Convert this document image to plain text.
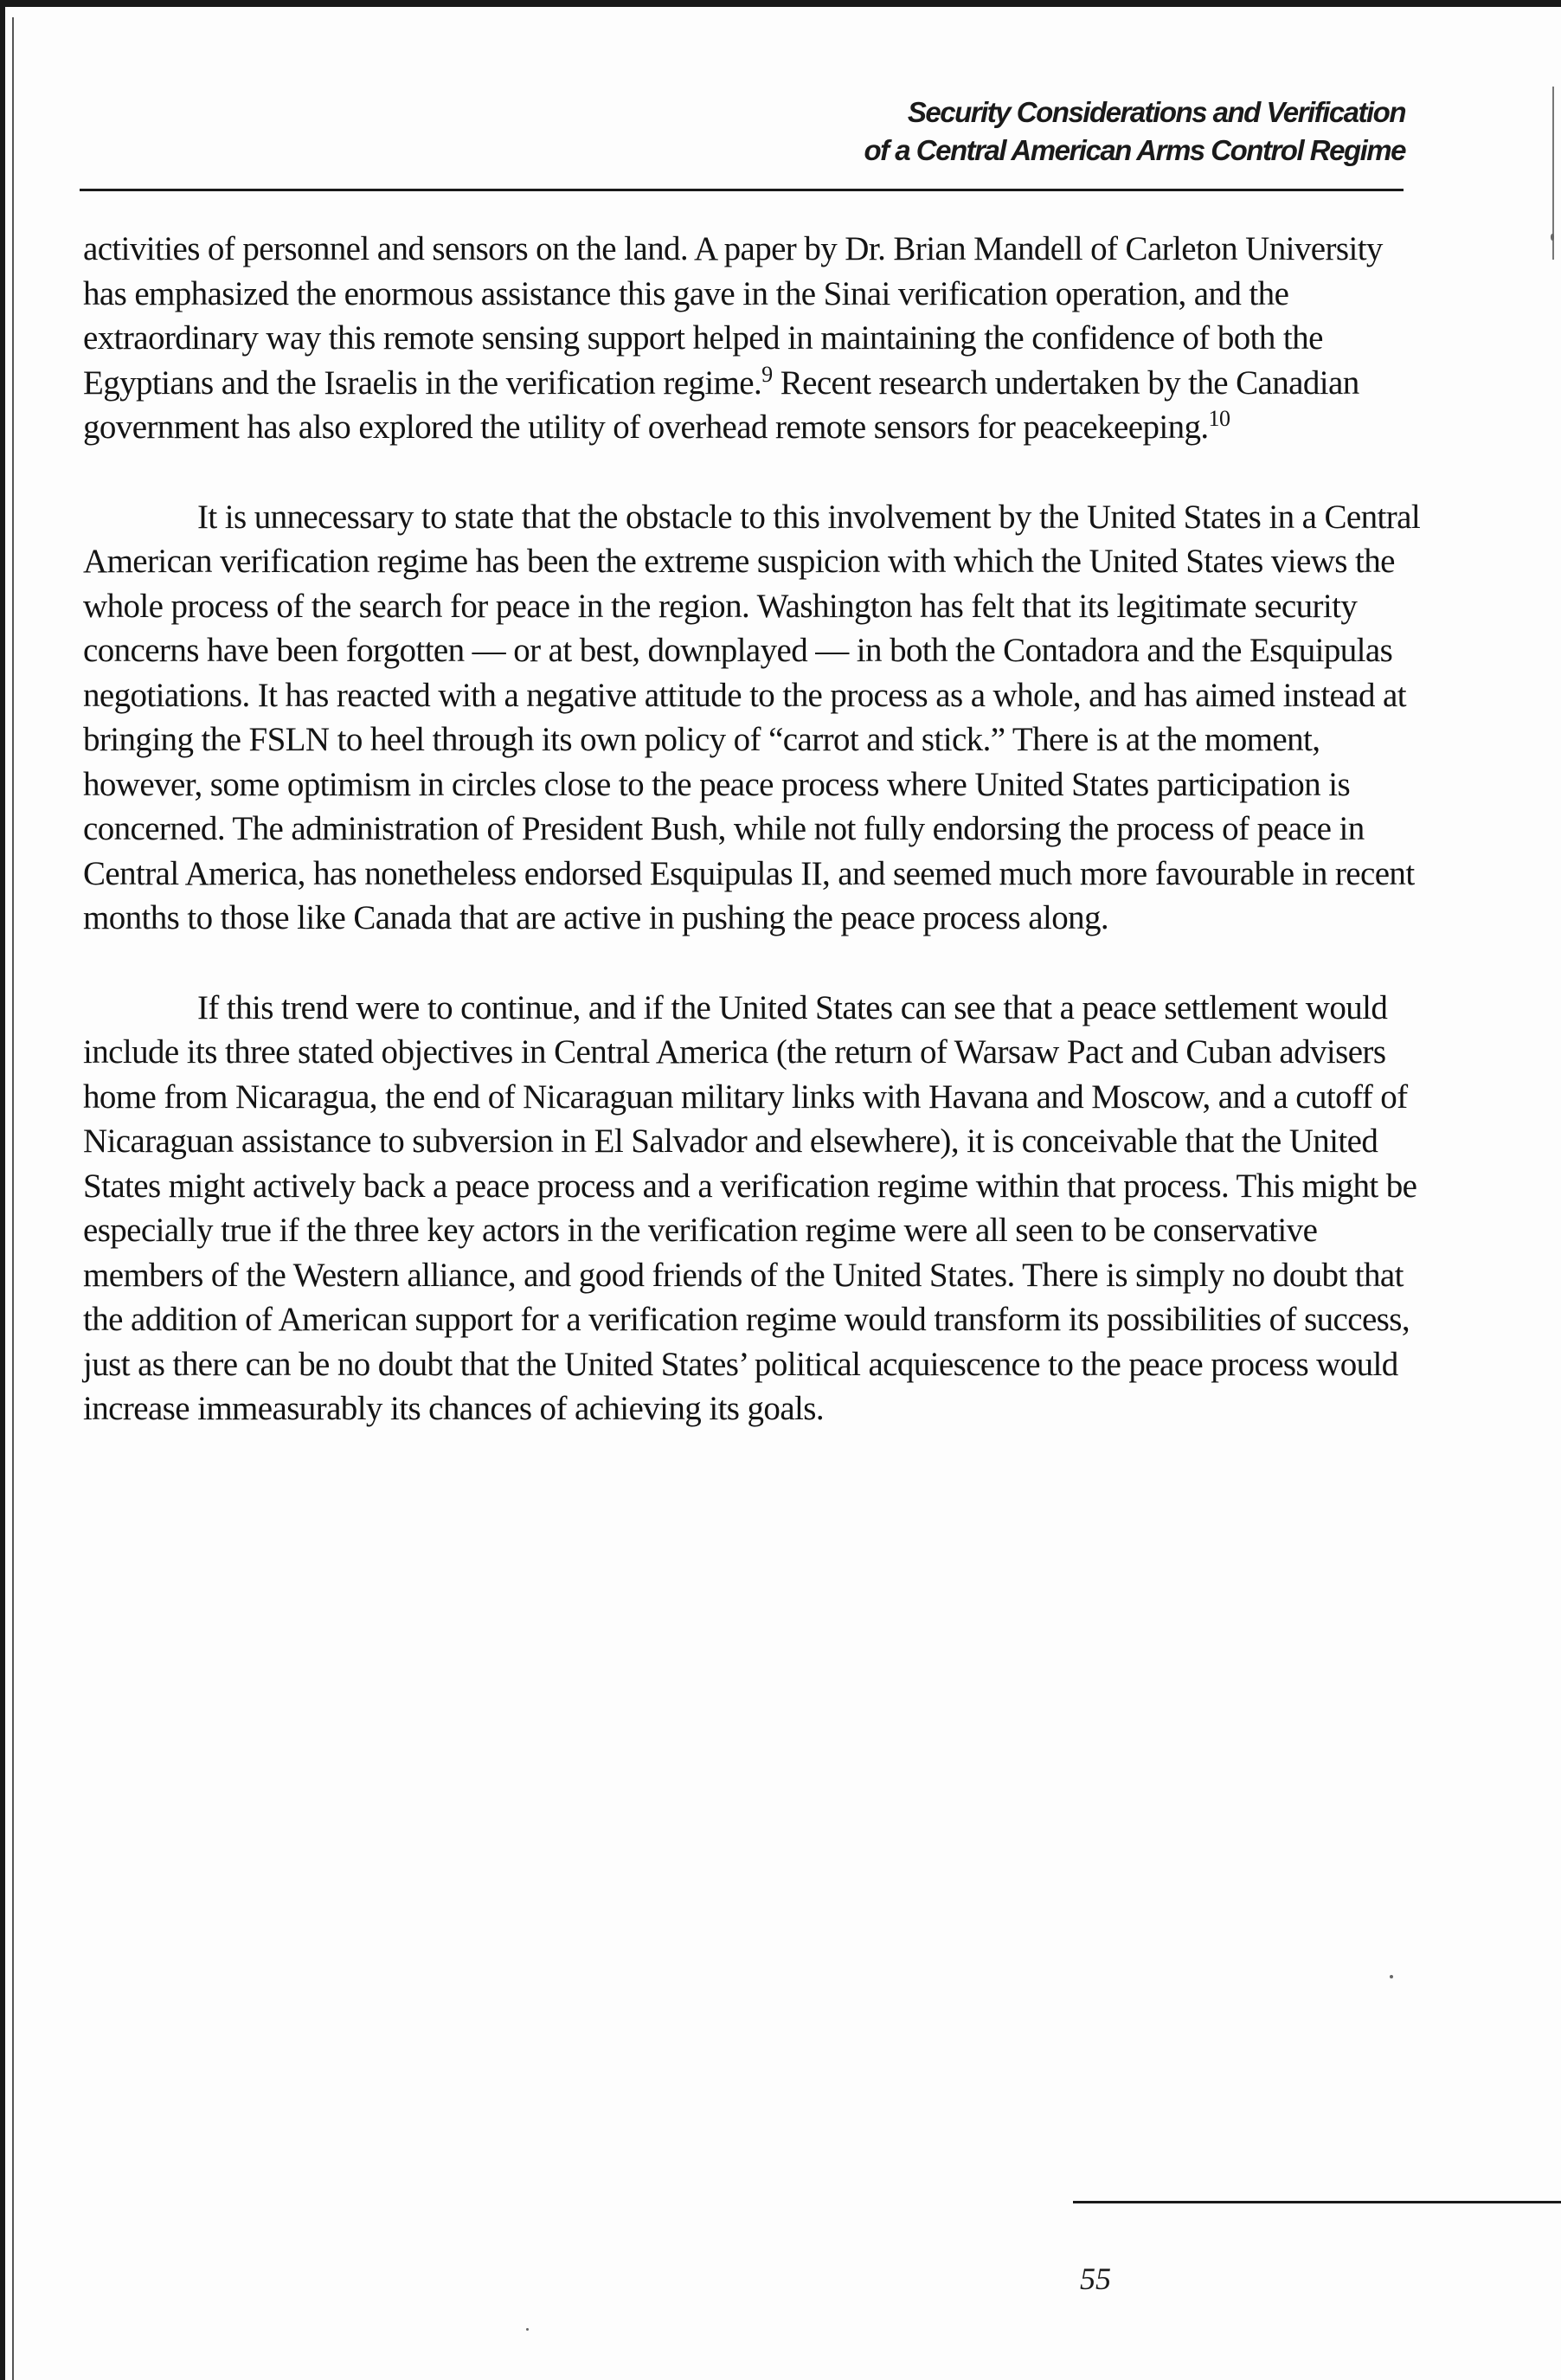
Security Considerations and Verification
of a Central American Arms Control Regime

activities of personnel and sensors on the land. A paper by Dr. Brian Mandell of Carleton University has emphasized the enormous assistance this gave in the Sinai verification operation, and the extraordinary way this remote sensing support helped in maintaining the confidence of both the Egyptians and the Israelis in the verification regime.$^9$ Recent research undertaken by the Canadian government has also explored the utility of overhead remote sensors for peacekeeping.$^{10}$

It is unnecessary to state that the obstacle to this involvement by the United States in a Central American verification regime has been the extreme suspicion with which the United States views the whole process of the search for peace in the region. Washington has felt that its legitimate security concerns have been forgotten — or at best, downplayed — in both the Contadora and the Esquipulas negotiations. It has reacted with a negative attitude to the process as a whole, and has aimed instead at bringing the FSLN to heel through its own policy of “carrot and stick.” There is at the moment, however, some optimism in circles close to the peace process where United States participation is concerned. The administration of President Bush, while not fully endorsing the process of peace in Central America, has nonetheless endorsed Esquipulas II, and seemed much more favourable in recent months to those like Canada that are active in pushing the peace process along.

If this trend were to continue, and if the United States can see that a peace settlement would include its three stated objectives in Central America (the return of Warsaw Pact and Cuban advisers home from Nicaragua, the end of Nicaraguan military links with Havana and Moscow, and a cutoff of Nicaraguan assistance to subversion in El Salvador and elsewhere), it is conceivable that the United States might actively back a peace process and a verification regime within that process. This might be especially true if the three key actors in the verification regime were all seen to be conservative members of the Western alliance, and good friends of the United States. There is simply no doubt that the addition of American support for a verification regime would transform its possibilities of success, just as there can be no doubt that the United States’ political acquiescence to the peace process would increase immeasurably its chances of achieving its goals.

55
